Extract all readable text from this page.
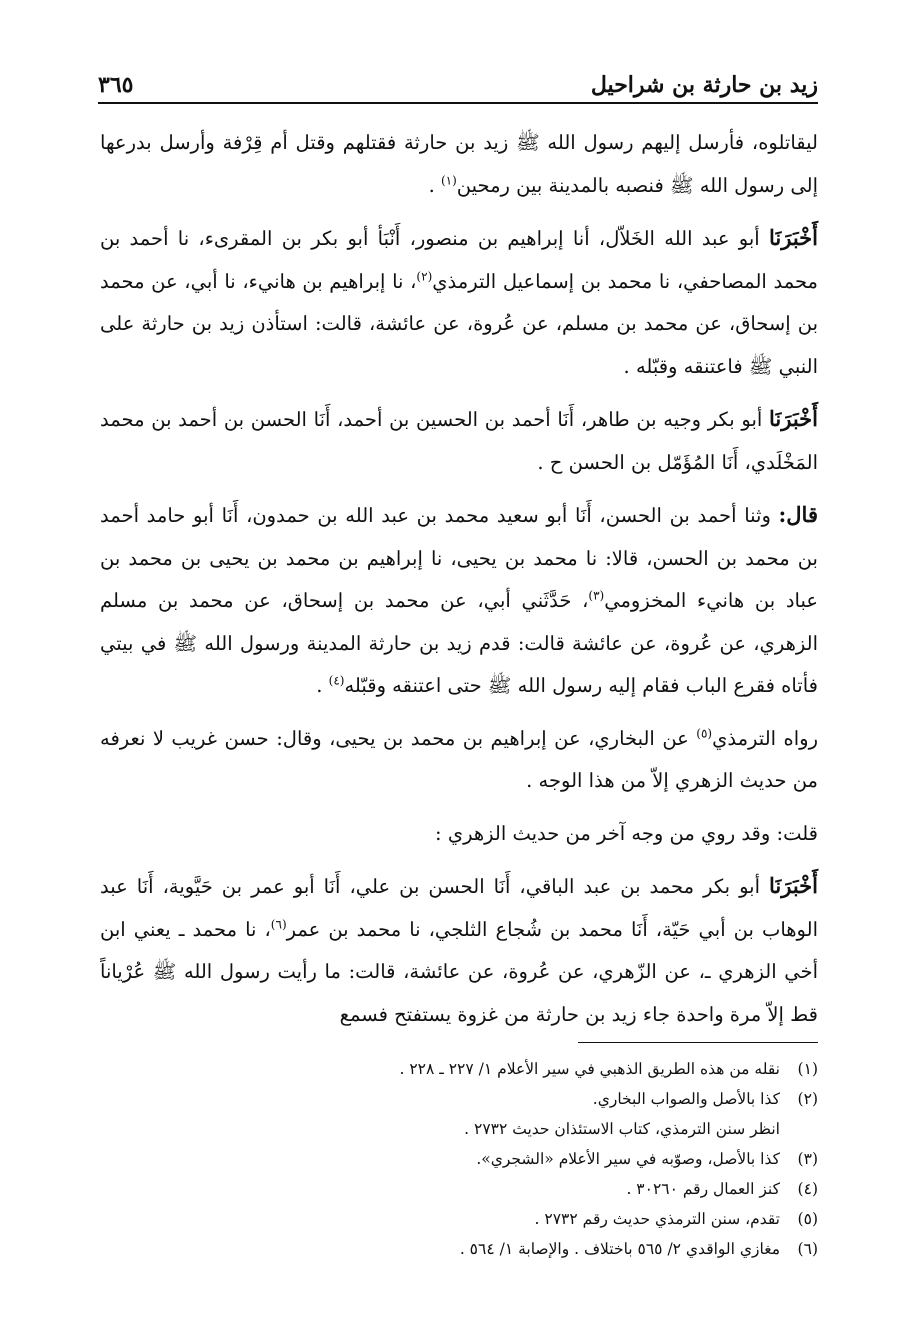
زيد بن حارثة بن شراحيل
٣٦٥

ليقاتلوه، فأرسل إليهم رسول الله ﷺ زيد بن حارثة فقتلهم وقتل أم قِرْفة وأرسل بدرعها إلى رسول الله ﷺ فنصبه بالمدينة بين رمحين$^{(١)}$ .

أَخْبَرَنَا أبو عبد الله الخَلاّل، أنا إبراهيم بن منصور، أَنْبَأ أبو بكر بن المقرىء، نا أحمد بن محمد المصاحفي، نا محمد بن إسماعيل الترمذي$^{(٢)}$، نا إبراهيم بن هانيء، نا أبي، عن محمد بن إسحاق، عن محمد بن مسلم، عن عُروة، عن عائشة، قالت: استأذن زيد بن حارثة على النبي ﷺ فاعتنقه وقبّله .

أَخْبَرَنَا أبو بكر وجيه بن طاهر، أَنَا أحمد بن الحسين بن أحمد، أَنَا الحسن بن أحمد بن محمد المَخْلَدي، أَنَا المُؤَمّل بن الحسن ح .

قال: وثنا أحمد بن الحسن، أَنَا أبو سعيد محمد بن عبد الله بن حمدون، أَنَا أبو حامد أحمد بن محمد بن الحسن، قالا: نا محمد بن يحيى، نا إبراهيم بن محمد بن يحيى بن محمد بن عباد بن هانيء المخزومي$^{(٣)}$، حَدَّثَني أبي، عن محمد بن إسحاق، عن محمد بن مسلم الزهري، عن عُروة، عن عائشة قالت: قدم زيد بن حارثة المدينة ورسول الله ﷺ في بيتي فأتاه فقرع الباب فقام إليه رسول الله ﷺ حتى اعتنقه وقبّله$^{(٤)}$ .

رواه الترمذي$^{(٥)}$ عن البخاري، عن إبراهيم بن محمد بن يحيى، وقال: حسن غريب لا نعرفه من حديث الزهري إلاّ من هذا الوجه .

قلت: وقد روي من وجه آخر من حديث الزهري :

أَخْبَرَنَا أبو بكر محمد بن عبد الباقي، أَنَا الحسن بن علي، أَنَا أبو عمر بن حَيَّوية، أَنَا عبد الوهاب بن أبي حَيّة، أَنَا محمد بن شُجاع الثلجي، نا محمد بن عمر$^{(٦)}$، نا محمد ـ يعني ابن أخي الزهري ـ، عن الزّهري، عن عُروة، عن عائشة، قالت: ما رأيت رسول الله ﷺ عُرْياناً قط إلاّ مرة واحدة جاء زيد بن حارثة من غزوة يستفتح فسمع

(١)
نقله من هذه الطريق الذهبي في سير الأعلام ١/ ٢٢٧ ـ ٢٢٨ .
(٢)
كذا بالأصل والصواب البخاري.
انظر سنن الترمذي، كتاب الاستئذان حديث ٢٧٣٢ .
(٣)
كذا بالأصل، وصوّبه في سير الأعلام «الشجري».
(٤)
كنز العمال رقم ٣٠٢٦٠ .
(٥)
تقدم، سنن الترمذي حديث رقم ٢٧٣٢ .
(٦)
مغازي الواقدي ٢/ ٥٦٥ باختلاف . والإصابة ١/ ٥٦٤ .
